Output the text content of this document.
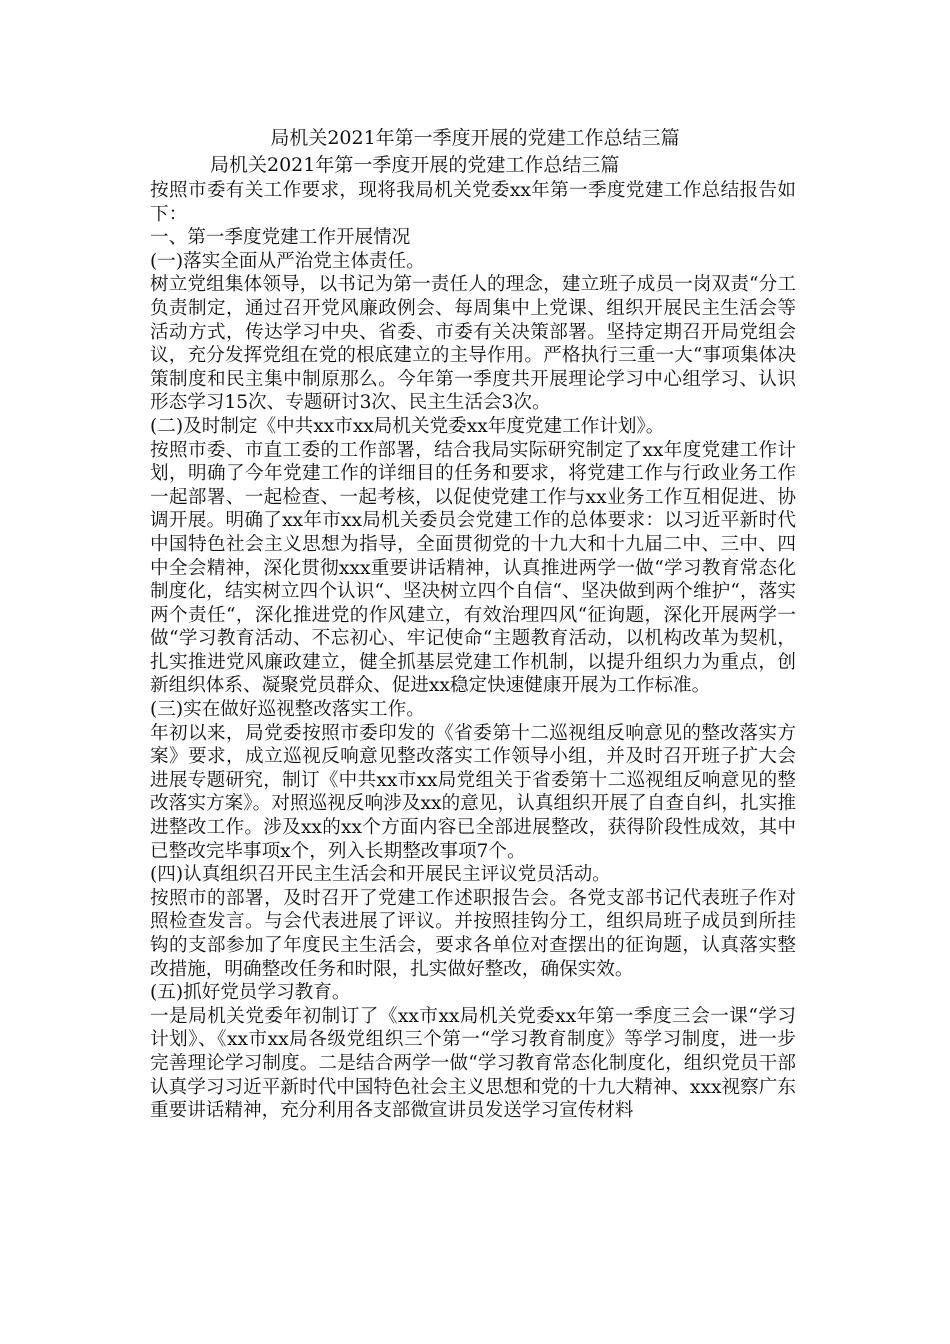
局机关2021年第一季度开展的党建工作总结三篇
局机关2021年第一季度开展的党建工作总结三篇

按照市委有关工作要求，现将我局机关党委xx年第一季度党建工作总结报告如下：

一、第一季度党建工作开展情况

(一)落实全面从严治党主体责任。

树立党组集体领导，以书记为第一责任人的理念，建立班子成员一岗双责“分工负责制定，通过召开党风廉政例会、每周集中上党课、组织开展民主生活会等活动方式，传达学习中央、省委、市委有关决策部署。坚持定期召开局党组会议，充分发挥党组在党的根底建立的主导作用。严格执行三重一大“事项集体决策制度和民主集中制原那么。今年第一季度共开展理论学习中心组学习、认识形态学习15次、专题研讨3次、民主生活会3次。

(二)及时制定《中共xx市xx局机关党委xx年度党建工作计划》。

按照市委、市直工委的工作部署，结合我局实际研究制定了xx年度党建工作计划，明确了今年党建工作的详细目的任务和要求，将党建工作与行政业务工作一起部署、一起检查、一起考核，以促使党建工作与xx业务工作互相促进、协调开展。明确了xx年市xx局机关委员会党建工作的总体要求：以习近平新时代中国特色社会主义思想为指导，全面贯彻党的十九大和十九届二中、三中、四中全会精神，深化贯彻xxx重要讲话精神，认真推进两学一做“学习教育常态化制度化，结实树立四个认识“、坚决树立四个自信“、坚决做到两个维护“，落实两个责任“，深化推进党的作风建立，有效治理四风“征询题，深化开展两学一做“学习教育活动、不忘初心、牢记使命“主题教育活动，以机构改革为契机，扎实推进党风廉政建立，健全抓基层党建工作机制，以提升组织力为重点，创新组织体系、凝聚党员群众、促进xx稳定快速健康开展为工作标准。

(三)实在做好巡视整改落实工作。

年初以来，局党委按照市委印发的《省委第十二巡视组反响意见的整改落实方案》要求，成立巡视反响意见整改落实工作领导小组，并及时召开班子扩大会进展专题研究，制订《中共xx市xx局党组关于省委第十二巡视组反响意见的整改落实方案》。对照巡视反响涉及xx的意见，认真组织开展了自查自纠，扎实推进整改工作。涉及xx的xx个方面内容已全部进展整改，获得阶段性成效，其中已整改完毕事项x个，列入长期整改事项7个。

(四)认真组织召开民主生活会和开展民主评议党员活动。

按照市的部署，及时召开了党建工作述职报告会。各党支部书记代表班子作对照检查发言。与会代表进展了评议。并按照挂钩分工，组织局班子成员到所挂钩的支部参加了年度民主生活会，要求各单位对查摆出的征询题，认真落实整改措施，明确整改任务和时限，扎实做好整改，确保实效。

(五)抓好党员学习教育。

一是局机关党委年初制订了《xx市xx局机关党委xx年第一季度三会一课“学习计划》、《xx市xx局各级党组织三个第一“学习教育制度》等学习制度，进一步完善理论学习制度。二是结合两学一做“学习教育常态化制度化，组织党员干部认真学习习近平新时代中国特色社会主义思想和党的十九大精神、xxx视察广东重要讲话精神，充分利用各支部微宣讲员发送学习宣传材料
